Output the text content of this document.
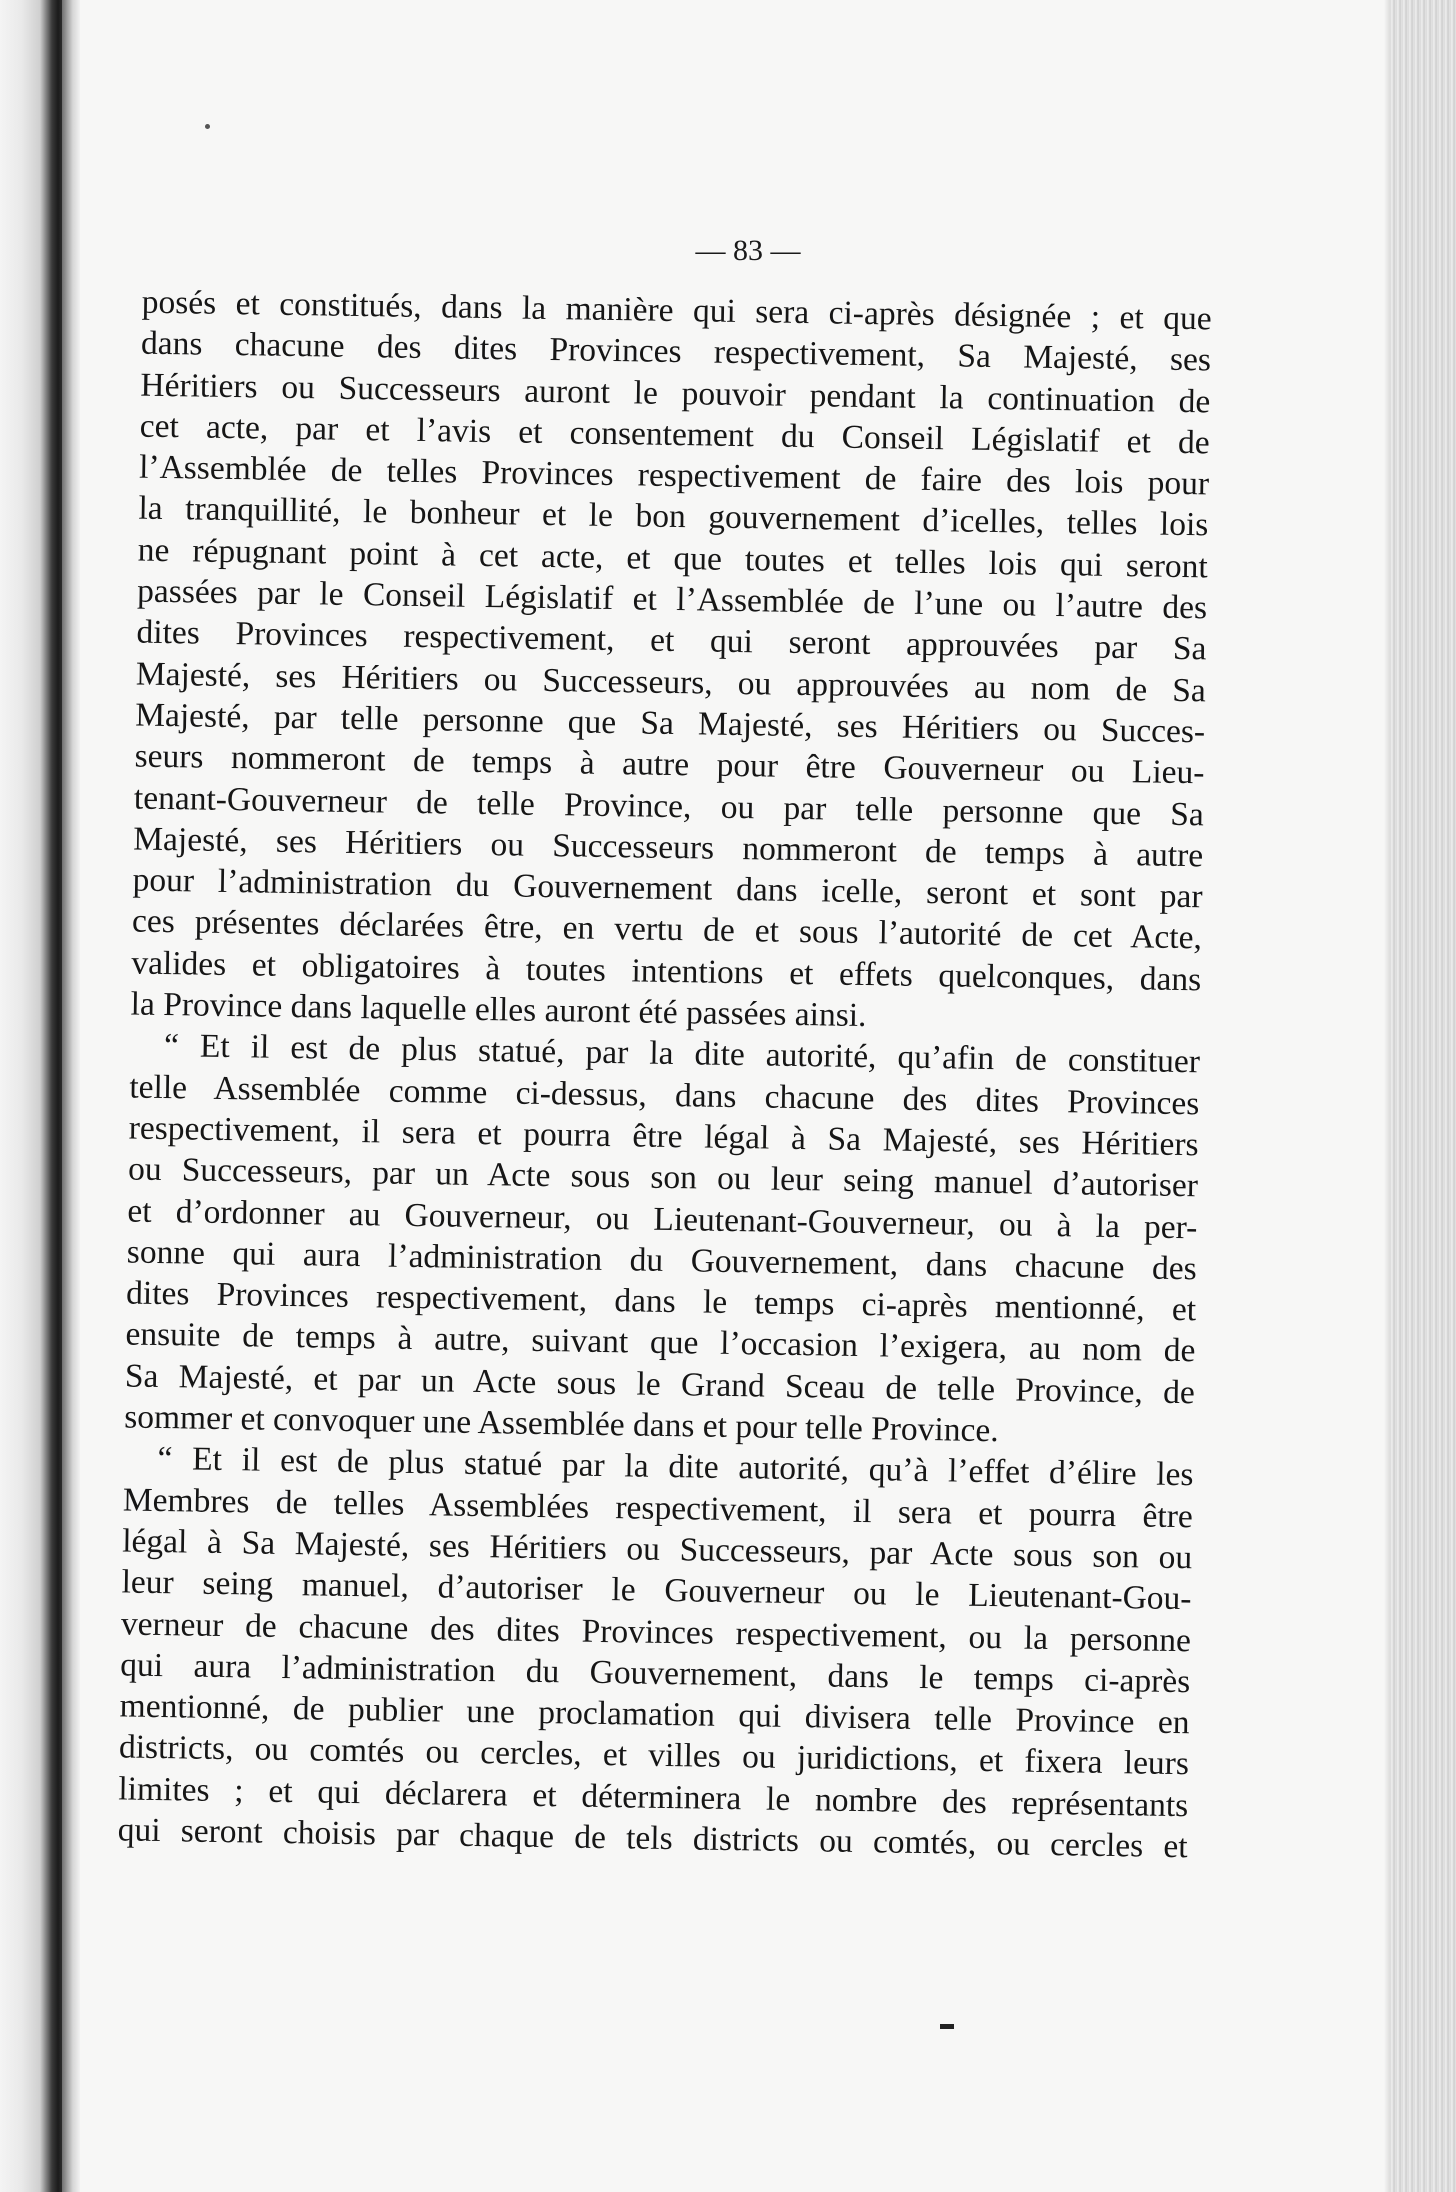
— 83 —
posés et constitués, dans la manière qui sera ci-après désignée ; et que
dans chacune des dites Provinces respectivement, Sa Majesté, ses
Héritiers ou Successeurs auront le pouvoir pendant la continuation de
cet acte, par et l’avis et consentement du Conseil Législatif et de
l’Assemblée de telles Provinces respectivement de faire des lois pour
la tranquillité, le bonheur et le bon gouvernement d’icelles, telles lois
ne répugnant point à cet acte, et que toutes et telles lois qui seront
passées par le Conseil Législatif et l’Assemblée de l’une ou l’autre des
dites Provinces respectivement, et qui seront approuvées par Sa
Majesté, ses Héritiers ou Successeurs, ou approuvées au nom de Sa
Majesté, par telle personne que Sa Majesté, ses Héritiers ou Succes-
seurs nommeront de temps à autre pour être Gouverneur ou Lieu-
tenant-Gouverneur de telle Province, ou par telle personne que Sa
Majesté, ses Héritiers ou Successeurs nommeront de temps à autre
pour l’administration du Gouvernement dans icelle, seront et sont par
ces présentes déclarées être, en vertu de et sous l’autorité de cet Acte,
valides et obligatoires à toutes intentions et effets quelconques, dans
la Province dans laquelle elles auront été passées ainsi.
“ Et il est de plus statué, par la dite autorité, qu’afin de constituer
telle Assemblée comme ci-dessus, dans chacune des dites Provinces
respectivement, il sera et pourra être légal à Sa Majesté, ses Héritiers
ou Successeurs, par un Acte sous son ou leur seing manuel d’autoriser
et d’ordonner au Gouverneur, ou Lieutenant-Gouverneur, ou à la per-
sonne qui aura l’administration du Gouvernement, dans chacune des
dites Provinces respectivement, dans le temps ci-après mentionné, et
ensuite de temps à autre, suivant que l’occasion l’exigera, au nom de
Sa Majesté, et par un Acte sous le Grand Sceau de telle Province, de
sommer et convoquer une Assemblée dans et pour telle Province.
“ Et il est de plus statué par la dite autorité, qu’à l’effet d’élire les
Membres de telles Assemblées respectivement, il sera et pourra être
légal à Sa Majesté, ses Héritiers ou Successeurs, par Acte sous son ou
leur seing manuel, d’autoriser le Gouverneur ou le Lieutenant-Gou-
verneur de chacune des dites Provinces respectivement, ou la personne
qui aura l’administration du Gouvernement, dans le temps ci-après
mentionné, de publier une proclamation qui divisera telle Province en
districts, ou comtés ou cercles, et villes ou juridictions, et fixera leurs
limites ; et qui déclarera et déterminera le nombre des représentants
qui seront choisis par chaque de tels districts ou comtés, ou cercles et
